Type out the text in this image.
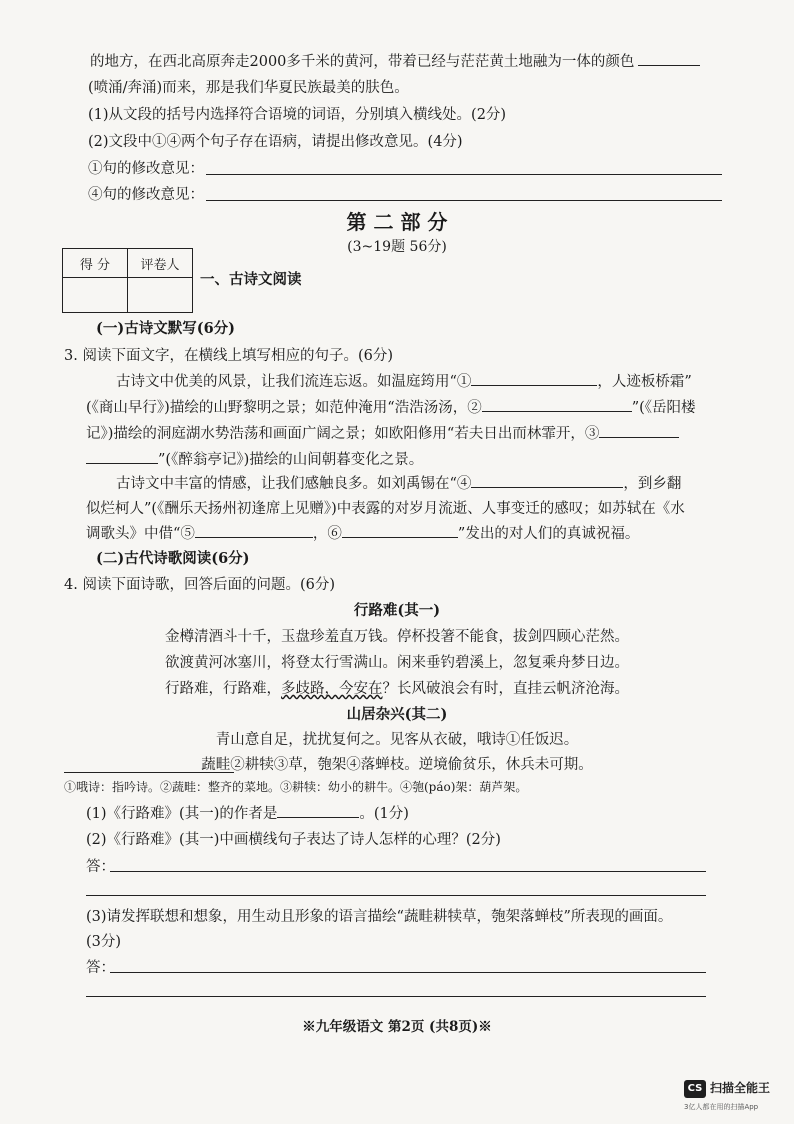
的地方，在西北高原奔走2000多千米的黄河，带着已经与茫茫黄土地融为一体的颜色
(喷涌/奔涌)而来，那是我们华夏民族最美的肤色。
(1)从文段的括号内选择符合语境的词语，分别填入横线处。(2分)
(2)文段中①④两个句子存在语病，请提出修改意见。(4分)
①句的修改意见：
④句的修改意见：
第 二 部 分
(3~19题 56分)
得 分	评卷人

一、古诗文阅读
(一)古诗文默写(6分)
3. 阅读下面文字，在横线上填写相应的句子。(6分)
古诗文中优美的风景，让我们流连忘返。如温庭筠用“①	，人迹板桥霜”
(《商山早行》)描绘的山野黎明之景；如范仲淹用“浩浩汤汤，②	”(《岳阳楼
记》)描绘的洞庭湖水势浩荡和画面广阔之景；如欧阳修用“若夫日出而林霏开，③
”(《醉翁亭记》)描绘的山间朝暮变化之景。
古诗文中丰富的情感，让我们感触良多。如刘禹锡在“④	，到乡翻
似烂柯人”(《酬乐天扬州初逢席上见赠》)中表露的对岁月流逝、人事变迁的感叹；如苏轼在《水
调歌头》中借“⑤	，⑥	”发出的对人们的真诚祝福。
(二)古代诗歌阅读(6分)
4. 阅读下面诗歌，回答后面的问题。(6分)
行路难(其一)
金樽清酒斗十千，玉盘珍羞直万钱。停杯投箸不能食，拔剑四顾心茫然。
欲渡黄河冰塞川，将登太行雪满山。闲来垂钓碧溪上，忽复乘舟梦日边。
行路难，行路难，多歧路，今安在？长风破浪会有时，直挂云帆济沧海。
山居杂兴(其二)
青山意自足，扰扰复何之。见客从衣破，哦诗①任饭迟。
蔬畦②耕犊③草，匏架④落蝉枝。逆境偷贫乐，休兵未可期。
①哦诗：指吟诗。②蔬畦：整齐的菜地。③耕犊：幼小的耕牛。④匏(páo)架：葫芦架。
(1)《行路难》(其一)的作者是	。(1分)
(2)《行路难》(其一)中画横线句子表达了诗人怎样的心理？(2分)
答：
(3)请发挥联想和想象，用生动且形象的语言描绘“蔬畦耕犊草，匏架落蝉枝”所表现的画面。
(3分)
答：
※九年级语文 第2页 (共8页)※
CS 扫描全能王
3亿人都在用的扫描App
